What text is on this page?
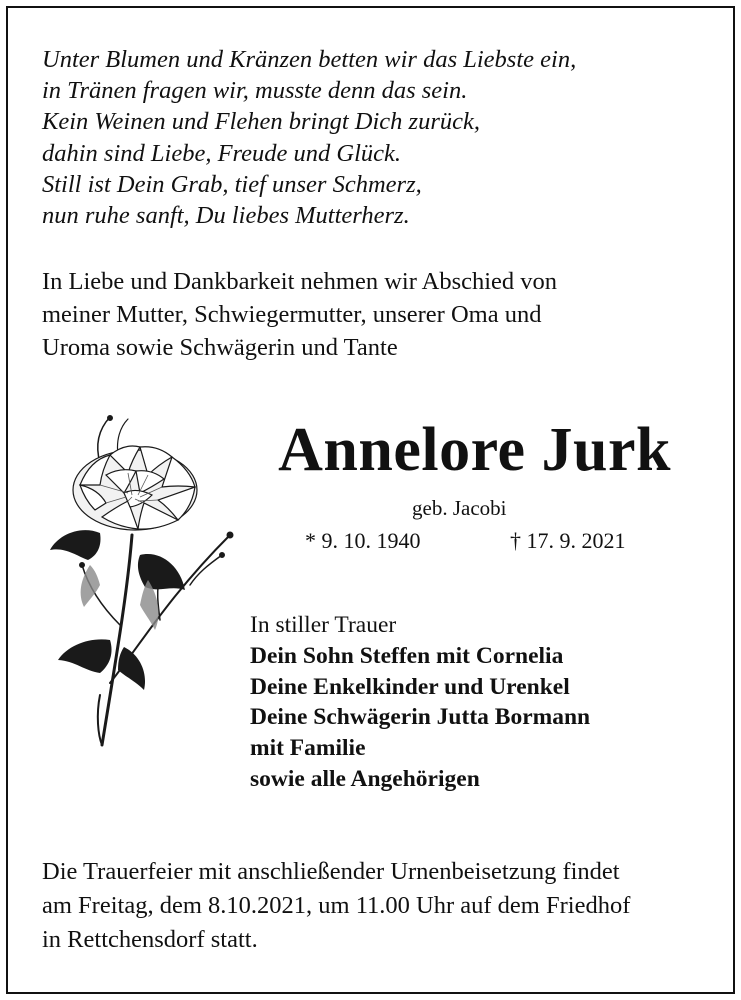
Unter Blumen und Kränzen betten wir das Liebste ein,
in Tränen fragen wir, musste denn das sein.
Kein Weinen und Flehen bringt Dich zurück,
dahin sind Liebe, Freude und Glück.
Still ist Dein Grab, tief unser Schmerz,
nun ruhe sanft, Du liebes Mutterherz.
In Liebe und Dankbarkeit nehmen wir Abschied von
meiner Mutter, Schwiegermutter, unserer Oma und
Uroma sowie Schwägerin und Tante
Annelore Jurk
geb. Jacobi
* 9. 10. 1940	† 17. 9. 2021
In stiller Trauer
Dein Sohn Steffen mit Cornelia
Deine Enkelkinder und Urenkel
Deine Schwägerin Jutta Bormann
mit Familie
sowie alle Angehörigen
Die Trauerfeier mit anschließender Urnenbeisetzung findet
am Freitag, dem 8.10.2021, um 11.00 Uhr auf dem Friedhof
in Rettchensdorf statt.
